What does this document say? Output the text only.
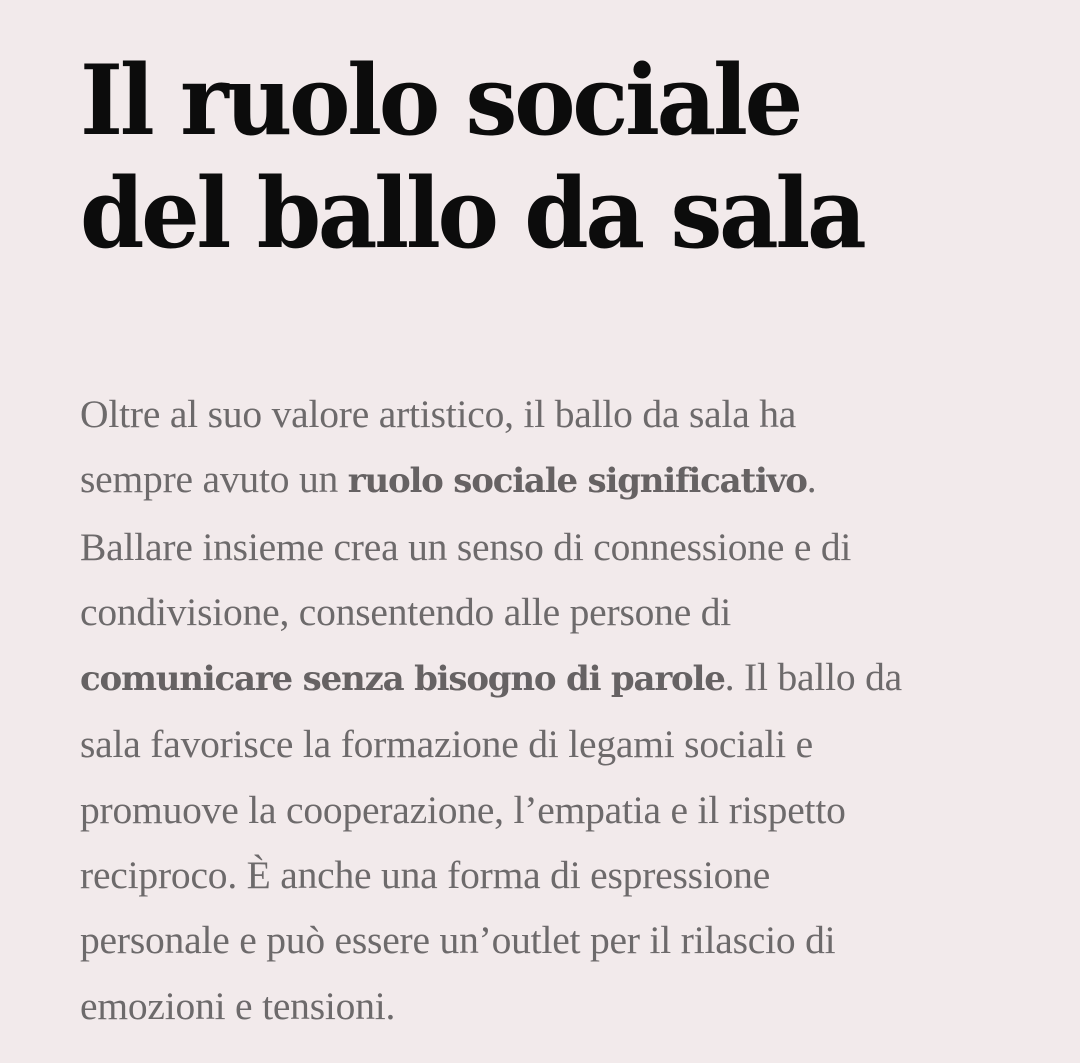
Il ruolo sociale
del ballo da sala

Oltre al suo valore artistico, il ballo da sala ha
sempre avuto un ruolo sociale significativo.
Ballare insieme crea un senso di connessione e di
condivisione, consentendo alle persone di
comunicare senza bisogno di parole. Il ballo da
sala favorisce la formazione di legami sociali e
promuove la cooperazione, l’empatia e il rispetto
reciproco. È anche una forma di espressione
personale e può essere un’outlet per il rilascio di
emozioni e tensioni.
